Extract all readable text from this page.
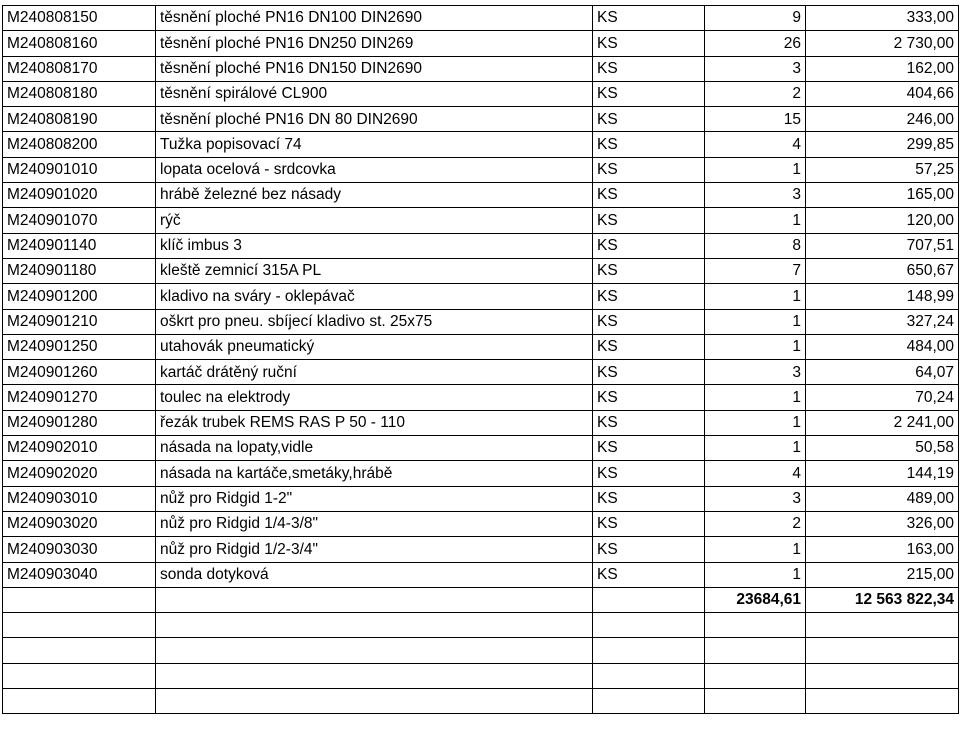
M240808150	těsnění ploché PN16 DN100 DIN2690	KS	9	333,00
M240808160	těsnění ploché PN16 DN250 DIN269	KS	26	2 730,00
M240808170	těsnění ploché PN16 DN150 DIN2690	KS	3	162,00
M240808180	těsnění spirálové CL900	KS	2	404,66
M240808190	těsnění ploché PN16 DN 80 DIN2690	KS	15	246,00
M240808200	Tužka popisovací 74	KS	4	299,85
M240901010	lopata ocelová - srdcovka	KS	1	57,25
M240901020	hrábě železné bez násady	KS	3	165,00
M240901070	rýč	KS	1	120,00
M240901140	klíč imbus 3	KS	8	707,51
M240901180	kleště zemnicí 315A PL	KS	7	650,67
M240901200	kladivo na sváry - oklepávač	KS	1	148,99
M240901210	oškrt pro pneu. sbíjecí kladivo st. 25x75	KS	1	327,24
M240901250	utahovák pneumatický	KS	1	484,00
M240901260	kartáč drátěný ruční	KS	3	64,07
M240901270	toulec na elektrody	KS	1	70,24
M240901280	řezák trubek REMS RAS P 50 - 110	KS	1	2 241,00
M240902010	násada na lopaty,vidle	KS	1	50,58
M240902020	násada na kartáče,smetáky,hrábě	KS	4	144,19
M240903010	nůž pro Ridgid 1-2"	KS	3	489,00
M240903020	nůž pro Ridgid 1/4-3/8"	KS	2	326,00
M240903030	nůž pro Ridgid 1/2-3/4"	KS	1	163,00
M240903040	sonda dotyková	KS	1	215,00
			23684,61	12 563 822,34
